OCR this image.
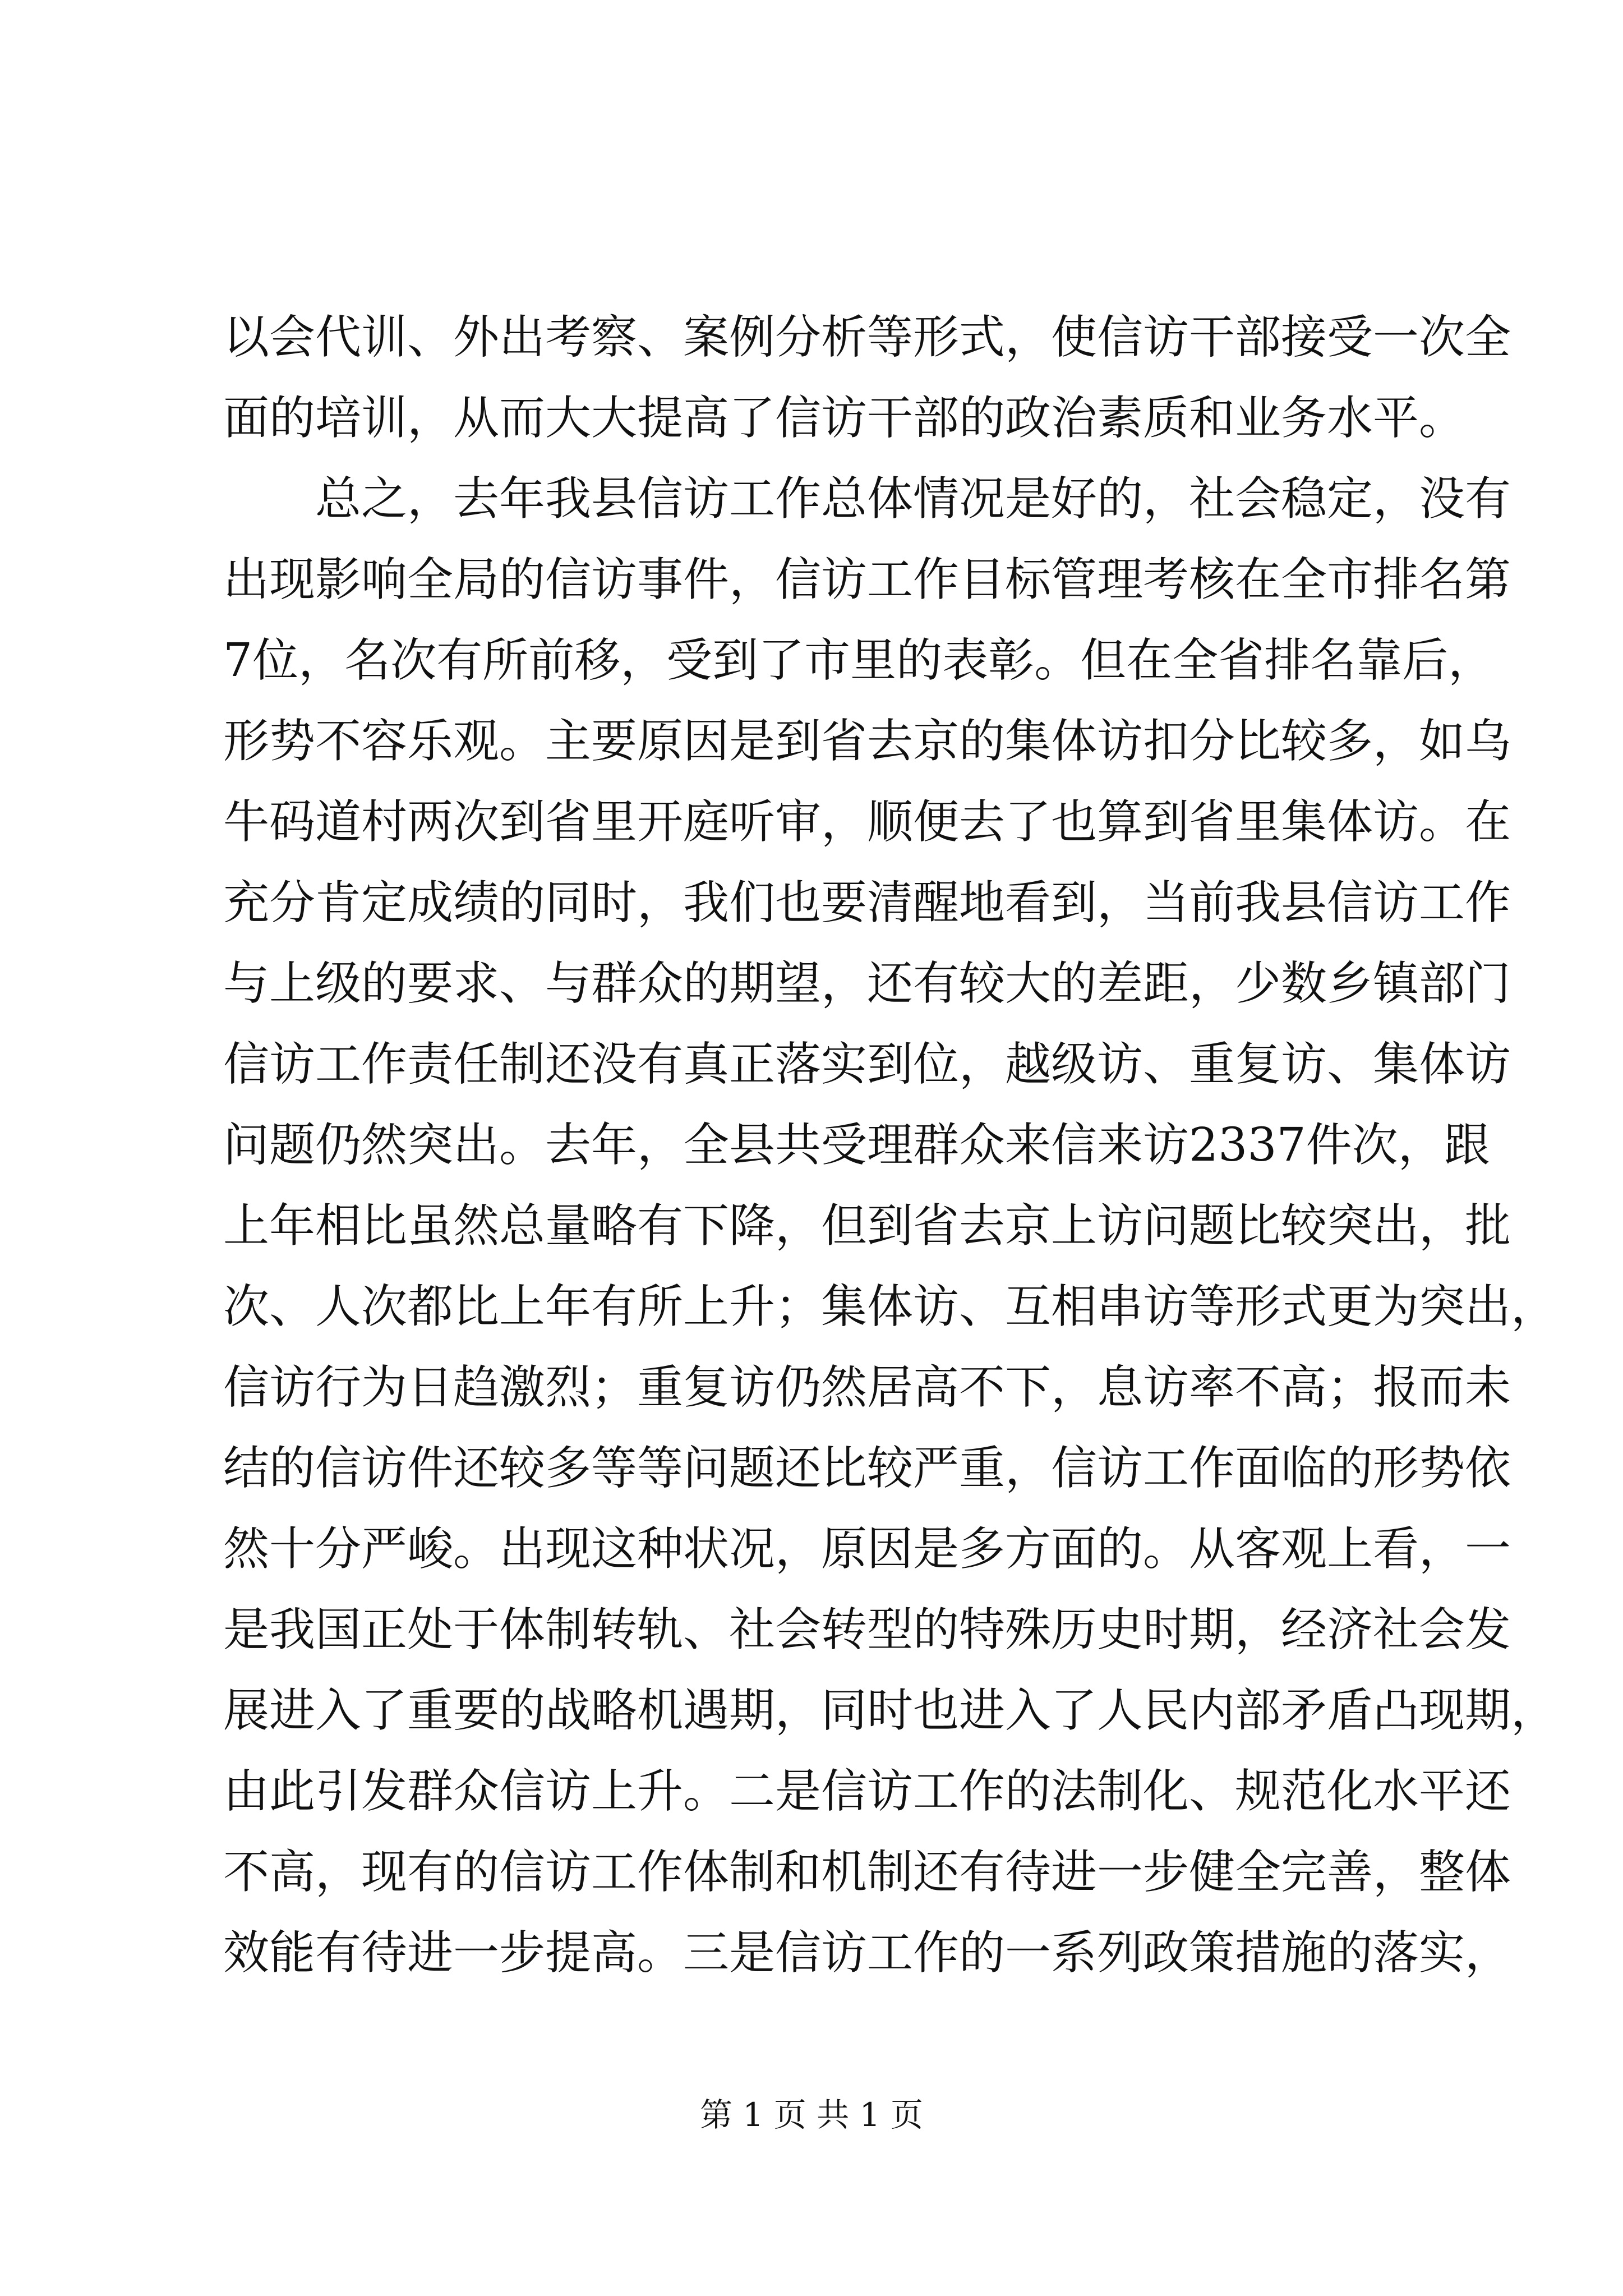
以会代训、外出考察、案例分析等形式，使信访干部接受一次全
面的培训，从而大大提高了信访干部的政治素质和业务水平。
　　总之，去年我县信访工作总体情况是好的，社会稳定，没有
出现影响全局的信访事件，信访工作目标管理考核在全市排名第
7位，名次有所前移，受到了市里的表彰。但在全省排名靠后，
形势不容乐观。主要原因是到省去京的集体访扣分比较多，如乌
牛码道村两次到省里开庭听审，顺便去了也算到省里集体访。在
充分肯定成绩的同时，我们也要清醒地看到，当前我县信访工作
与上级的要求、与群众的期望，还有较大的差距，少数乡镇部门
信访工作责任制还没有真正落实到位，越级访、重复访、集体访
问题仍然突出。去年，全县共受理群众来信来访2337件次，跟
上年相比虽然总量略有下降，但到省去京上访问题比较突出，批
次、人次都比上年有所上升；集体访、互相串访等形式更为突出，
信访行为日趋激烈；重复访仍然居高不下，息访率不高；报而未
结的信访件还较多等等问题还比较严重，信访工作面临的形势依
然十分严峻。出现这种状况，原因是多方面的。从客观上看，一
是我国正处于体制转轨、社会转型的特殊历史时期，经济社会发
展进入了重要的战略机遇期，同时也进入了人民内部矛盾凸现期，
由此引发群众信访上升。二是信访工作的法制化、规范化水平还
不高，现有的信访工作体制和机制还有待进一步健全完善，整体
效能有待进一步提高。三是信访工作的一系列政策措施的落实，
第 1 页 共 1 页
